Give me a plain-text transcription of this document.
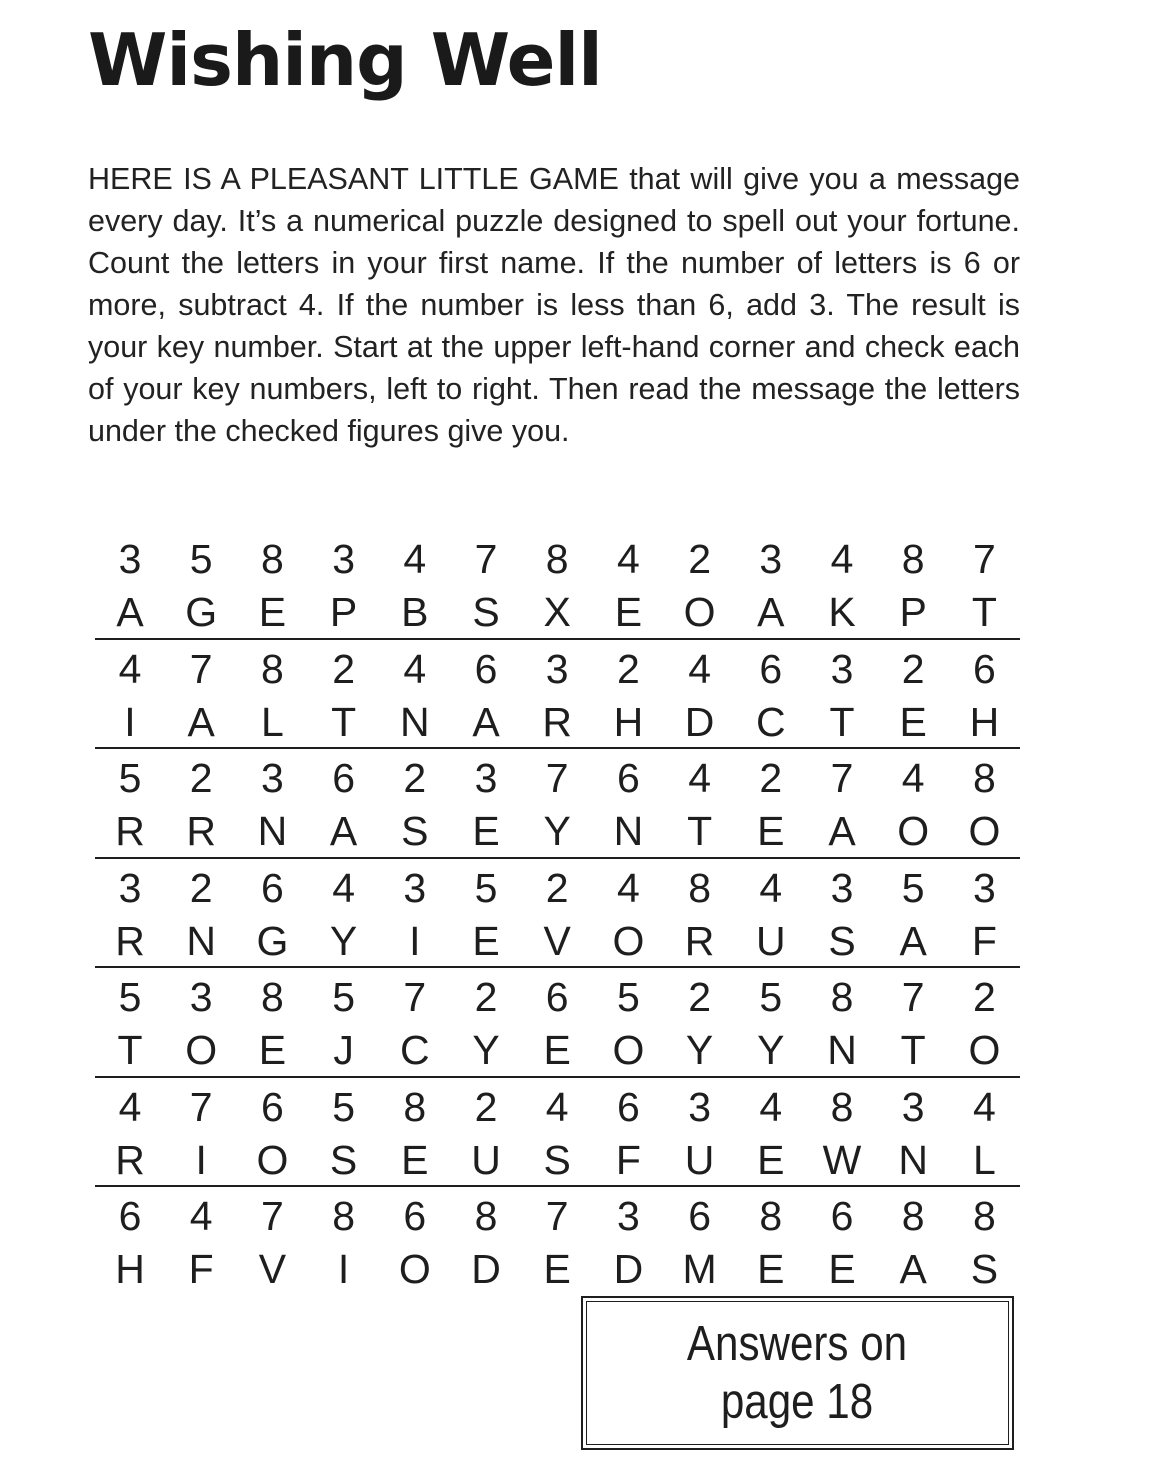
Wishing Well

HERE IS A PLEASANT LITTLE GAME that will give you a message every day. It’s a numerical puzzle designed to spell out your fortune. Count the letters in your first name. If the number of letters is 6 or more, subtract 4. If the number is less than 6, add 3. The result is your key number. Start at the upper left-hand corner and check each of your key numbers, left to right. Then read the message the letters under the checked figures give you.

3
A
5
G
8
E
3
P
4
B
7
S
8
X
4
E
2
O
3
A
4
K
8
P
7
T
4
I
7
A
8
L
2
T
4
N
6
A
3
R
2
H
4
D
6
C
3
T
2
E
6
H
5
R
2
R
3
N
6
A
2
S
3
E
7
Y
6
N
4
T
2
E
7
A
4
O
8
O
3
R
2
N
6
G
4
Y
3
I
5
E
2
V
4
O
8
R
4
U
3
S
5
A
3
F
5
T
3
O
8
E
5
J
7
C
2
Y
6
E
5
O
2
Y
5
Y
8
N
7
T
2
O
4
R
7
I
6
O
5
S
8
E
2
U
4
S
6
F
3
U
4
E
8
W
3
N
4
L
6
H
4
F
7
V
8
I
6
O
8
D
7
E
3
D
6
M
8
E
6
E
8
A
8
S
Answers on
page 18
